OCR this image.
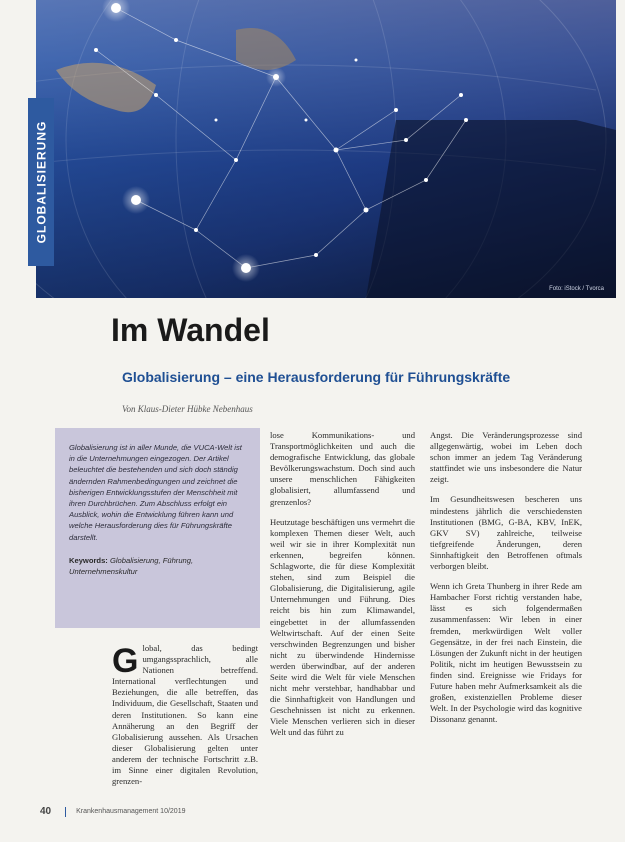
Foto: iStock / Tvorca
GLOBALISIERUNG
Im Wandel
Globalisierung – eine Herausforderung für Führungskräfte
Von Klaus-Dieter Hübke Nebenhaus

Globalisierung ist in aller Munde, die VUCA-Welt ist in die Unternehmungen eingezogen. Der Artikel beleuchtet die bestehenden und sich doch ständig ändernden Rahmenbedingungen und zeichnet die bisherigen Entwicklungsstufen der Menschheit mit ihren Durchbrüchen. Zum Abschluss erfolgt ein Ausblick, wohin die Entwicklung führen kann und welche Herausforderung dies für Führungskräfte darstellt.

Keywords: Globalisierung, Führung, Unternehmenskultur

Global, das bedingt umgangssprachlich, alle Nationen betreffend. International verflechtungen und Beziehungen, die alle betreffen, das Individuum, die Gesellschaft, Staaten und deren Institutionen. So kann eine Annäherung an den Begriff der Globalisierung aussehen. Als Ursachen dieser Globalisierung gelten unter anderem der technische Fortschritt z.B. im Sinne einer digitalen Revolution, grenzen-

lose Kommunikations- und Transportmöglichkeiten und auch die demografische Entwicklung, das globale Bevölkerungswachstum. Doch sind auch unsere menschlichen Fähigkeiten globalisiert, allumfassend und grenzenlos?

Heutzutage beschäftigen uns vermehrt die komplexen Themen dieser Welt, auch weil wir sie in ihrer Komplexität nun erkennen, begreifen können. Schlagworte, die für diese Komplexität stehen, sind zum Beispiel die Globalisierung, die Digitalisierung, agile Unternehmungen und Führung. Dies reicht bis hin zum Klimawandel, eingebettet in der allumfassenden Weltwirtschaft. Auf der einen Seite verschwinden Begrenzungen und bisher nicht zu überwindende Hindernisse werden überwindbar, auf der anderen Seite wird die Welt für viele Menschen nicht mehr verstehbar, handhabbar und die Sinnhaftigkeit von Handlungen und Geschehnissen ist nicht zu erkennen. Viele Menschen verlieren sich in dieser Welt und das führt zu

Angst. Die Veränderungsprozesse sind allgegenwärtig, wobei im Leben doch schon immer an jedem Tag Veränderung stattfindet wie uns insbesondere die Natur zeigt.

Im Gesundheitswesen bescheren uns mindestens jährlich die verschiedensten Institutionen (BMG, G-BA, KBV, InEK, GKV SV) zahlreiche, teilweise tiefgreifende Änderungen, deren Sinnhaftigkeit den Betroffenen oftmals verborgen bleibt.

Wenn ich Greta Thunberg in ihrer Rede am Hambacher Forst richtig verstanden habe, lässt es sich folgendermaßen zusammenfassen: Wir leben in einer fremden, merkwürdigen Welt voller Gegensätze, in der frei nach Einstein, die Lösungen der Zukunft nicht in der heutigen Politik, nicht im heutigen Bewusstsein zu finden sind. Ereignisse wie Fridays for Future haben mehr Aufmerksamkeit als die großen, existenziellen Probleme dieser Welt. In der Psychologie wird das kognitive Dissonanz genannt.

40	Krankenhausmanagement 10/2019
